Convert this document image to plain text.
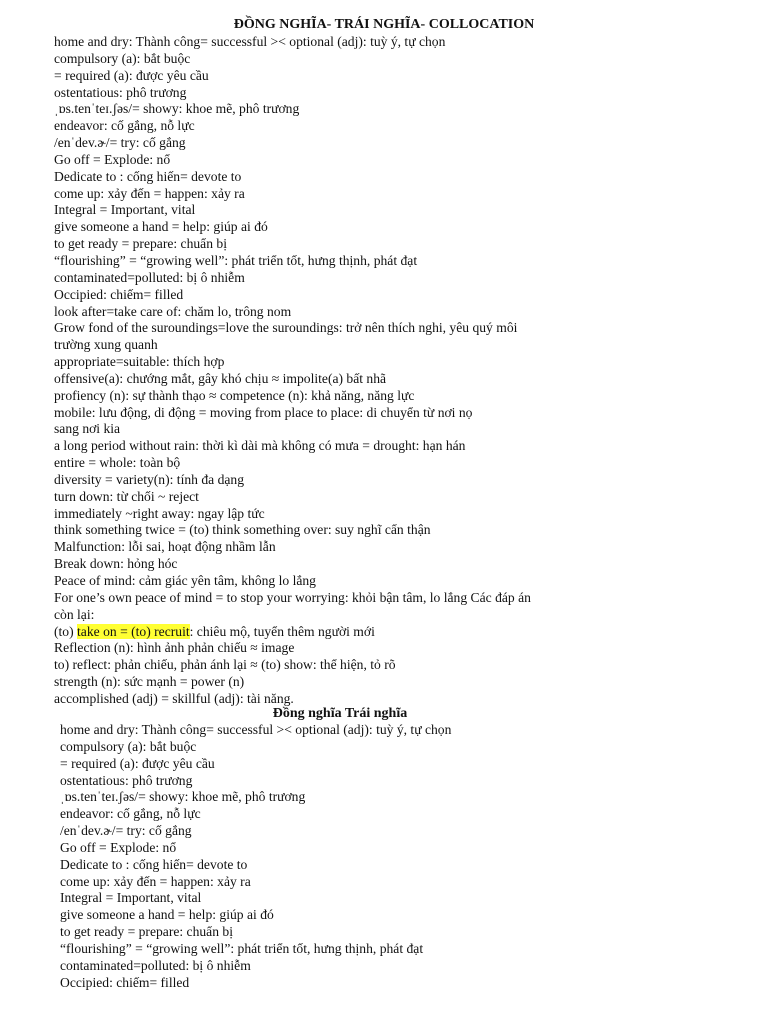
ĐỒNG NGHĨA- TRÁI NGHĨA- COLLOCATION
home and dry: Thành công= successful >< optional (adj): tuỳ ý, tự chọn
compulsory (a): bắt buộc
= required (a): được yêu cầu
ostentatious: phô trương
ˌɒs.tenˈteɪ.ʃəs/= showy: khoe mẽ, phô trương
endeavor: cố gắng, nỗ lực
/enˈdev.ɚ/= try: cố gắng
Go off = Explode: nổ
Dedicate to : cống hiến= devote to
come up: xảy đến = happen: xảy ra
Integral = Important, vital
give someone a hand = help: giúp ai đó
to get ready = prepare: chuẩn bị
“flourishing” = “growing well”: phát triển tốt, hưng thịnh, phát đạt
contaminated=polluted: bị ô nhiễm
Occipied: chiếm= filled
look after=take care of: chăm lo, trông nom
Grow fond of the suroundings=love the suroundings: trở nên thích nghi, yêu quý môi
trường xung quanh
appropriate=suitable: thích hợp
offensive(a): chướng mắt, gây khó chịu ≈ impolite(a) bất nhã
profiency (n): sự thành thạo ≈ competence (n): khả năng, năng lực
mobile: lưu động, di động = moving from place to place: di chuyển từ nơi nọ
sang nơi kia
a long period without rain: thời kì dài mà không có mưa = drought: hạn hán
entire = whole: toàn bộ
diversity = variety(n): tính đa dạng
turn down: từ chối ~ reject
immediately ~right away: ngay lập tức
think something twice = (to) think something over: suy nghĩ cẩn thận
Malfunction: lỗi sai, hoạt động nhầm lẫn
Break down: hỏng hóc
Peace of mind: cảm giác yên tâm, không lo lắng
For one’s own peace of mind = to stop your worrying: khỏi bận tâm, lo lắng Các đáp án
còn lại:
(to) take on = (to) recruit: chiêu mộ, tuyển thêm người mới
Reflection (n): hình ảnh phản chiếu ≈ image
to) reflect: phản chiếu, phản ánh lại ≈ (to) show: thể hiện, tỏ rõ
strength (n): sức mạnh = power (n)
accomplished (adj) = skillful (adj): tài năng.
Đồng nghĩa Trái nghĩa
home and dry: Thành công= successful >< optional (adj): tuỳ ý, tự chọn
compulsory (a): bắt buộc
= required (a): được yêu cầu
ostentatious: phô trương
ˌɒs.tenˈteɪ.ʃəs/= showy: khoe mẽ, phô trương
endeavor: cố gắng, nỗ lực
/enˈdev.ɚ/= try: cố gắng
Go off = Explode: nổ
Dedicate to : cống hiến= devote to
come up: xảy đến = happen: xảy ra
Integral = Important, vital
give someone a hand = help: giúp ai đó
to get ready = prepare: chuẩn bị
“flourishing” = “growing well”: phát triển tốt, hưng thịnh, phát đạt
contaminated=polluted: bị ô nhiễm
Occipied: chiếm= filled
